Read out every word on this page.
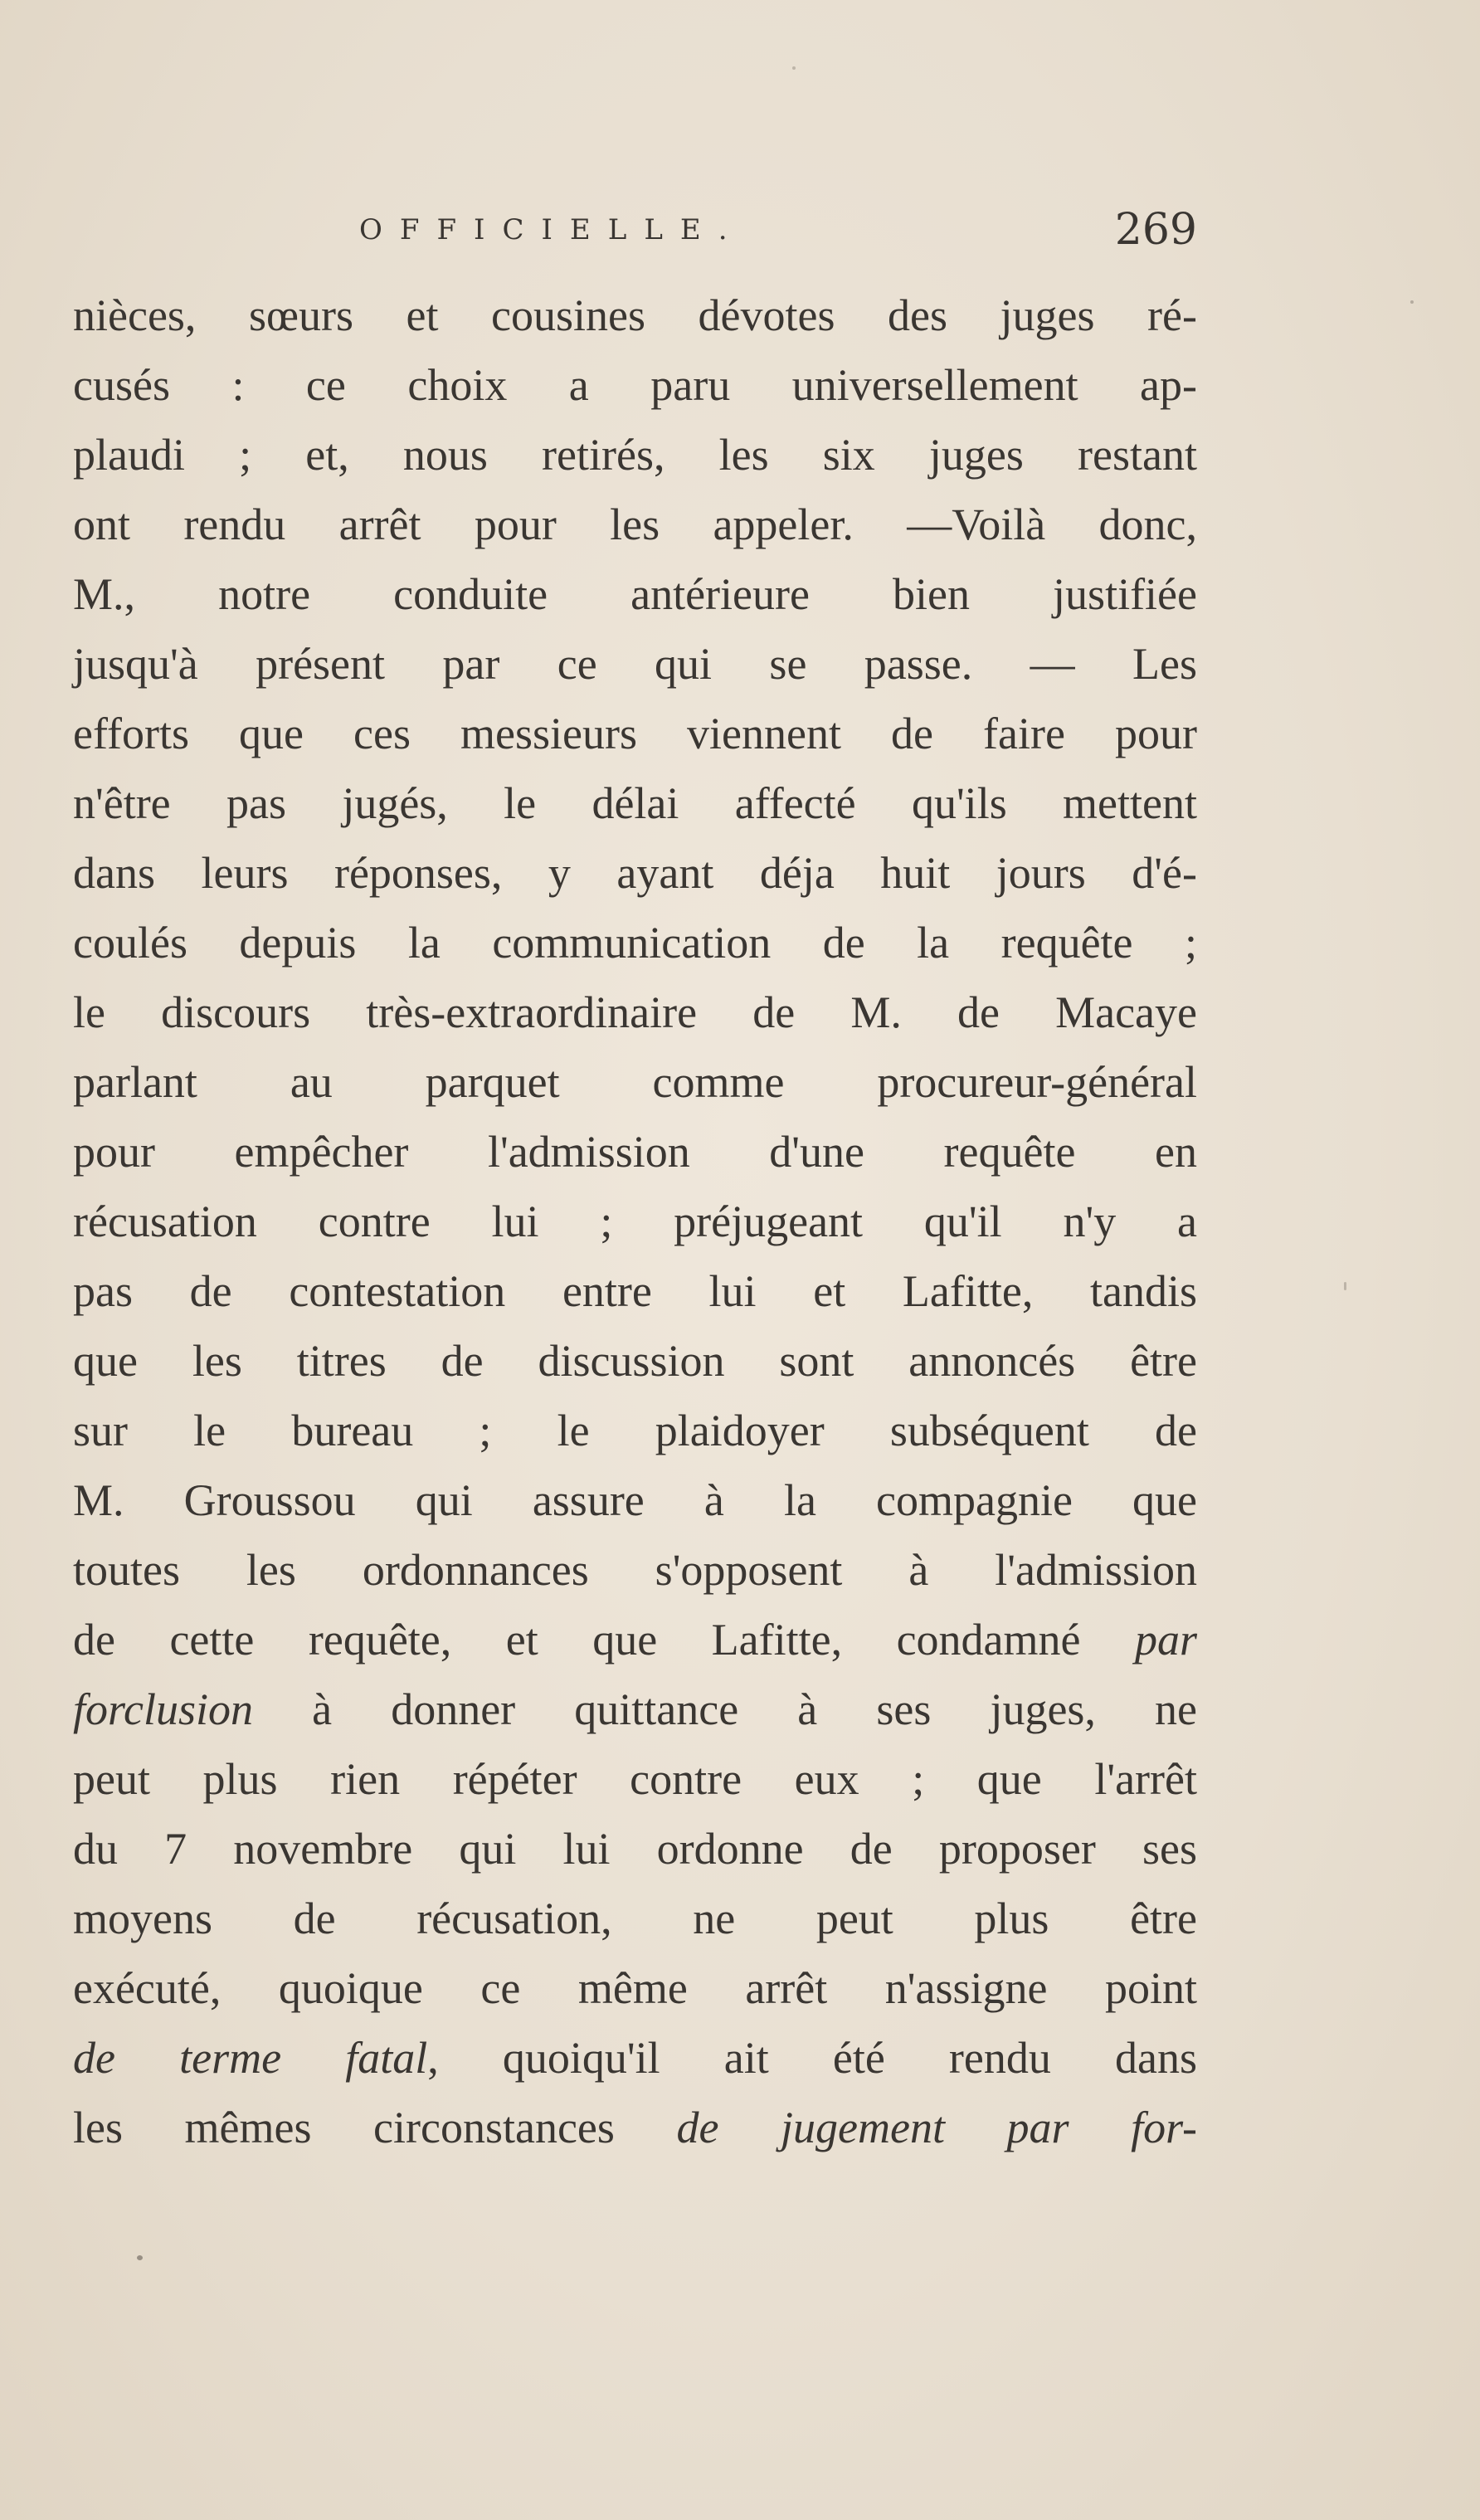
OFFICIELLE.	269
nièces, sœurs et cousines dévotes des juges ré-
cusés : ce choix a paru universellement ap-
plaudi ; et, nous retirés, les six juges restant
ont rendu arrêt pour les appeler. —Voilà donc,
M., notre conduite antérieure bien justifiée
jusqu'à présent par ce qui se passe. — Les
efforts que ces messieurs viennent de faire pour
n'être pas jugés, le délai affecté qu'ils mettent
dans leurs réponses, y ayant déja huit jours d'é-
coulés depuis la communication de la requête ;
le discours très-extraordinaire de M. de Macaye
parlant au parquet comme procureur-général
pour empêcher l'admission d'une requête en
récusation contre lui ; préjugeant qu'il n'y a
pas de contestation entre lui et Lafitte, tandis
que les titres de discussion sont annoncés être
sur le bureau ; le plaidoyer subséquent de
M. Groussou qui assure à la compagnie que
toutes les ordonnances s'opposent à l'admission
de cette requête, et que Lafitte, condamné par
forclusion à donner quittance à ses juges, ne
peut plus rien répéter contre eux ; que l'arrêt
du 7 novembre qui lui ordonne de proposer ses
moyens de récusation, ne peut plus être
exécuté, quoique ce même arrêt n'assigne point
de terme fatal, quoiqu'il ait été rendu dans
les mêmes circonstances de jugement par for-
